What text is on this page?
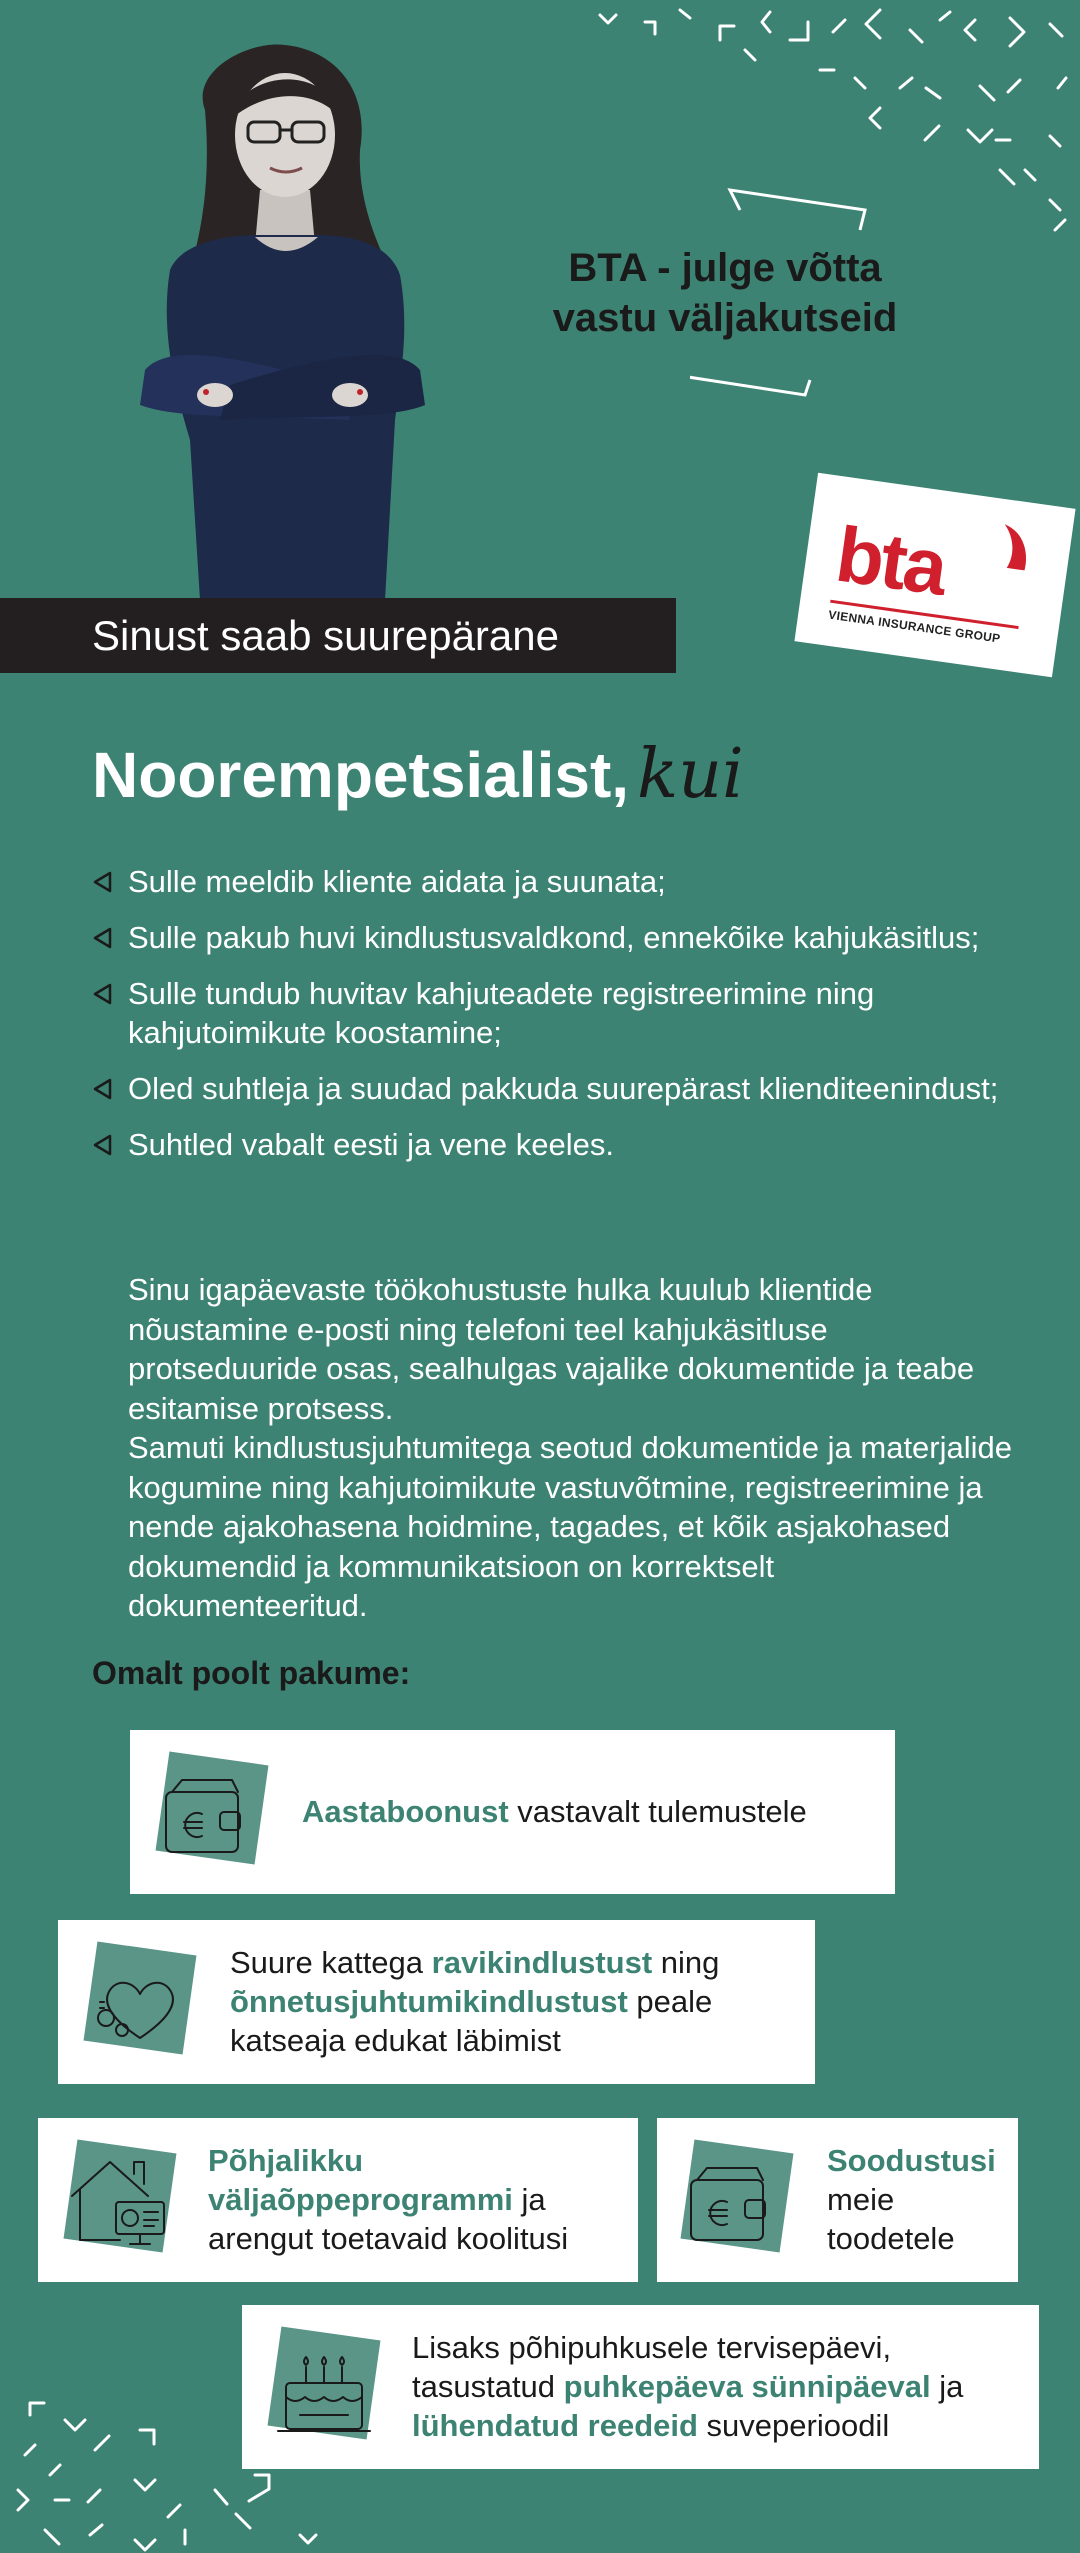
BTA - julge võtta vastu väljakutseid
bta
VIENNA INSURANCE GROUP
Sinust saab suurepärane
Noorempetsialist, kui
Sulle meeldib kliente aidata ja suunata;
Sulle pakub huvi kindlustusvaldkond, ennekõike kahjukäsitlus;
Sulle tundub huvitav kahjuteadete registreerimine ning kahjutoimikute koostamine;
Oled suhtleja ja suudad pakkuda suurepärast klienditeenindust;
Suhtled vabalt eesti ja vene keeles.

Sinu igapäevaste töökohustuste hulka kuulub klientide nõustamine e-posti ning telefoni teel kahjukäsitluse protseduuride osas, sealhulgas vajalike dokumentide ja teabe esitamise protsess.

Samuti kindlustusjuhtumitega seotud dokumentide ja materjalide kogumine ning kahjutoimikute vastuvõtmine, registreerimine ja nende ajakohasena hoidmine, tagades, et kõik asjakohased dokumendid ja kommunikatsioon on korrektselt dokumenteeritud.

Omalt poolt pakume:
Aastaboonust vastavalt tulemustele
Suure kattega ravikindlustust ning õnnetusjuhtumikindlustust peale katseaja edukat läbimist
Põhjalikku väljaõppeprogrammi ja arengut toetavaid koolitusi
Soodustusi meie toodetele
Lisaks põhipuhkusele tervisepäevi, tasustatud puhkepäeva sünnipäeval ja lühendatud reedeid suveperioodil
